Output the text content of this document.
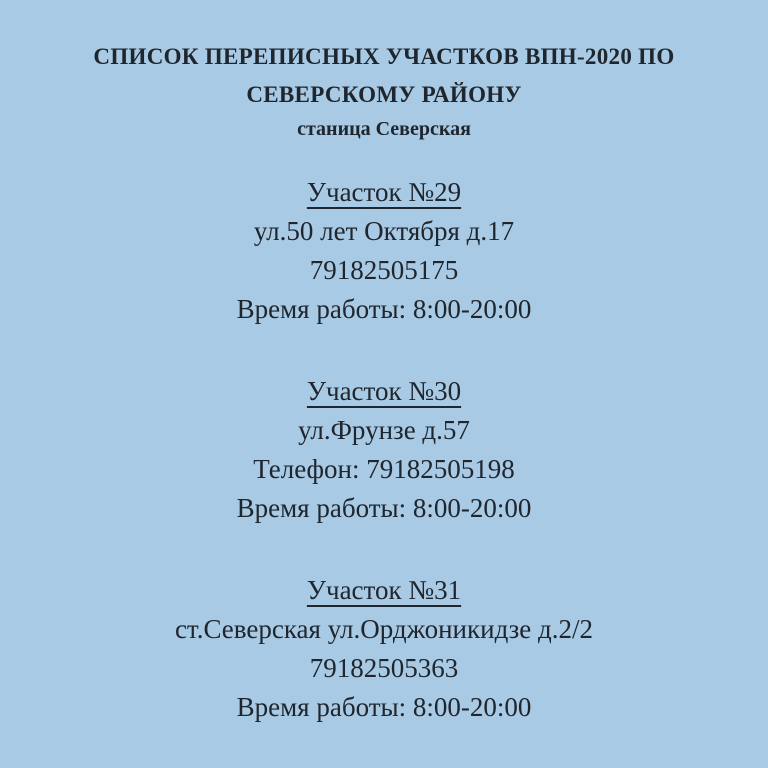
СПИСОК ПЕРЕПИСНЫХ УЧАСТКОВ ВПН-2020 ПО
СЕВЕРСКОМУ РАЙОНУ
станица Северская
Участок №29
ул.50 лет Октября д.17
79182505175
Время работы: 8:00-20:00
Участок №30
ул.Фрунзе д.57
Телефон: 79182505198
Время работы: 8:00-20:00
Участок №31
ст.Северская ул.Орджоникидзе д.2/2
79182505363
Время работы: 8:00-20:00
